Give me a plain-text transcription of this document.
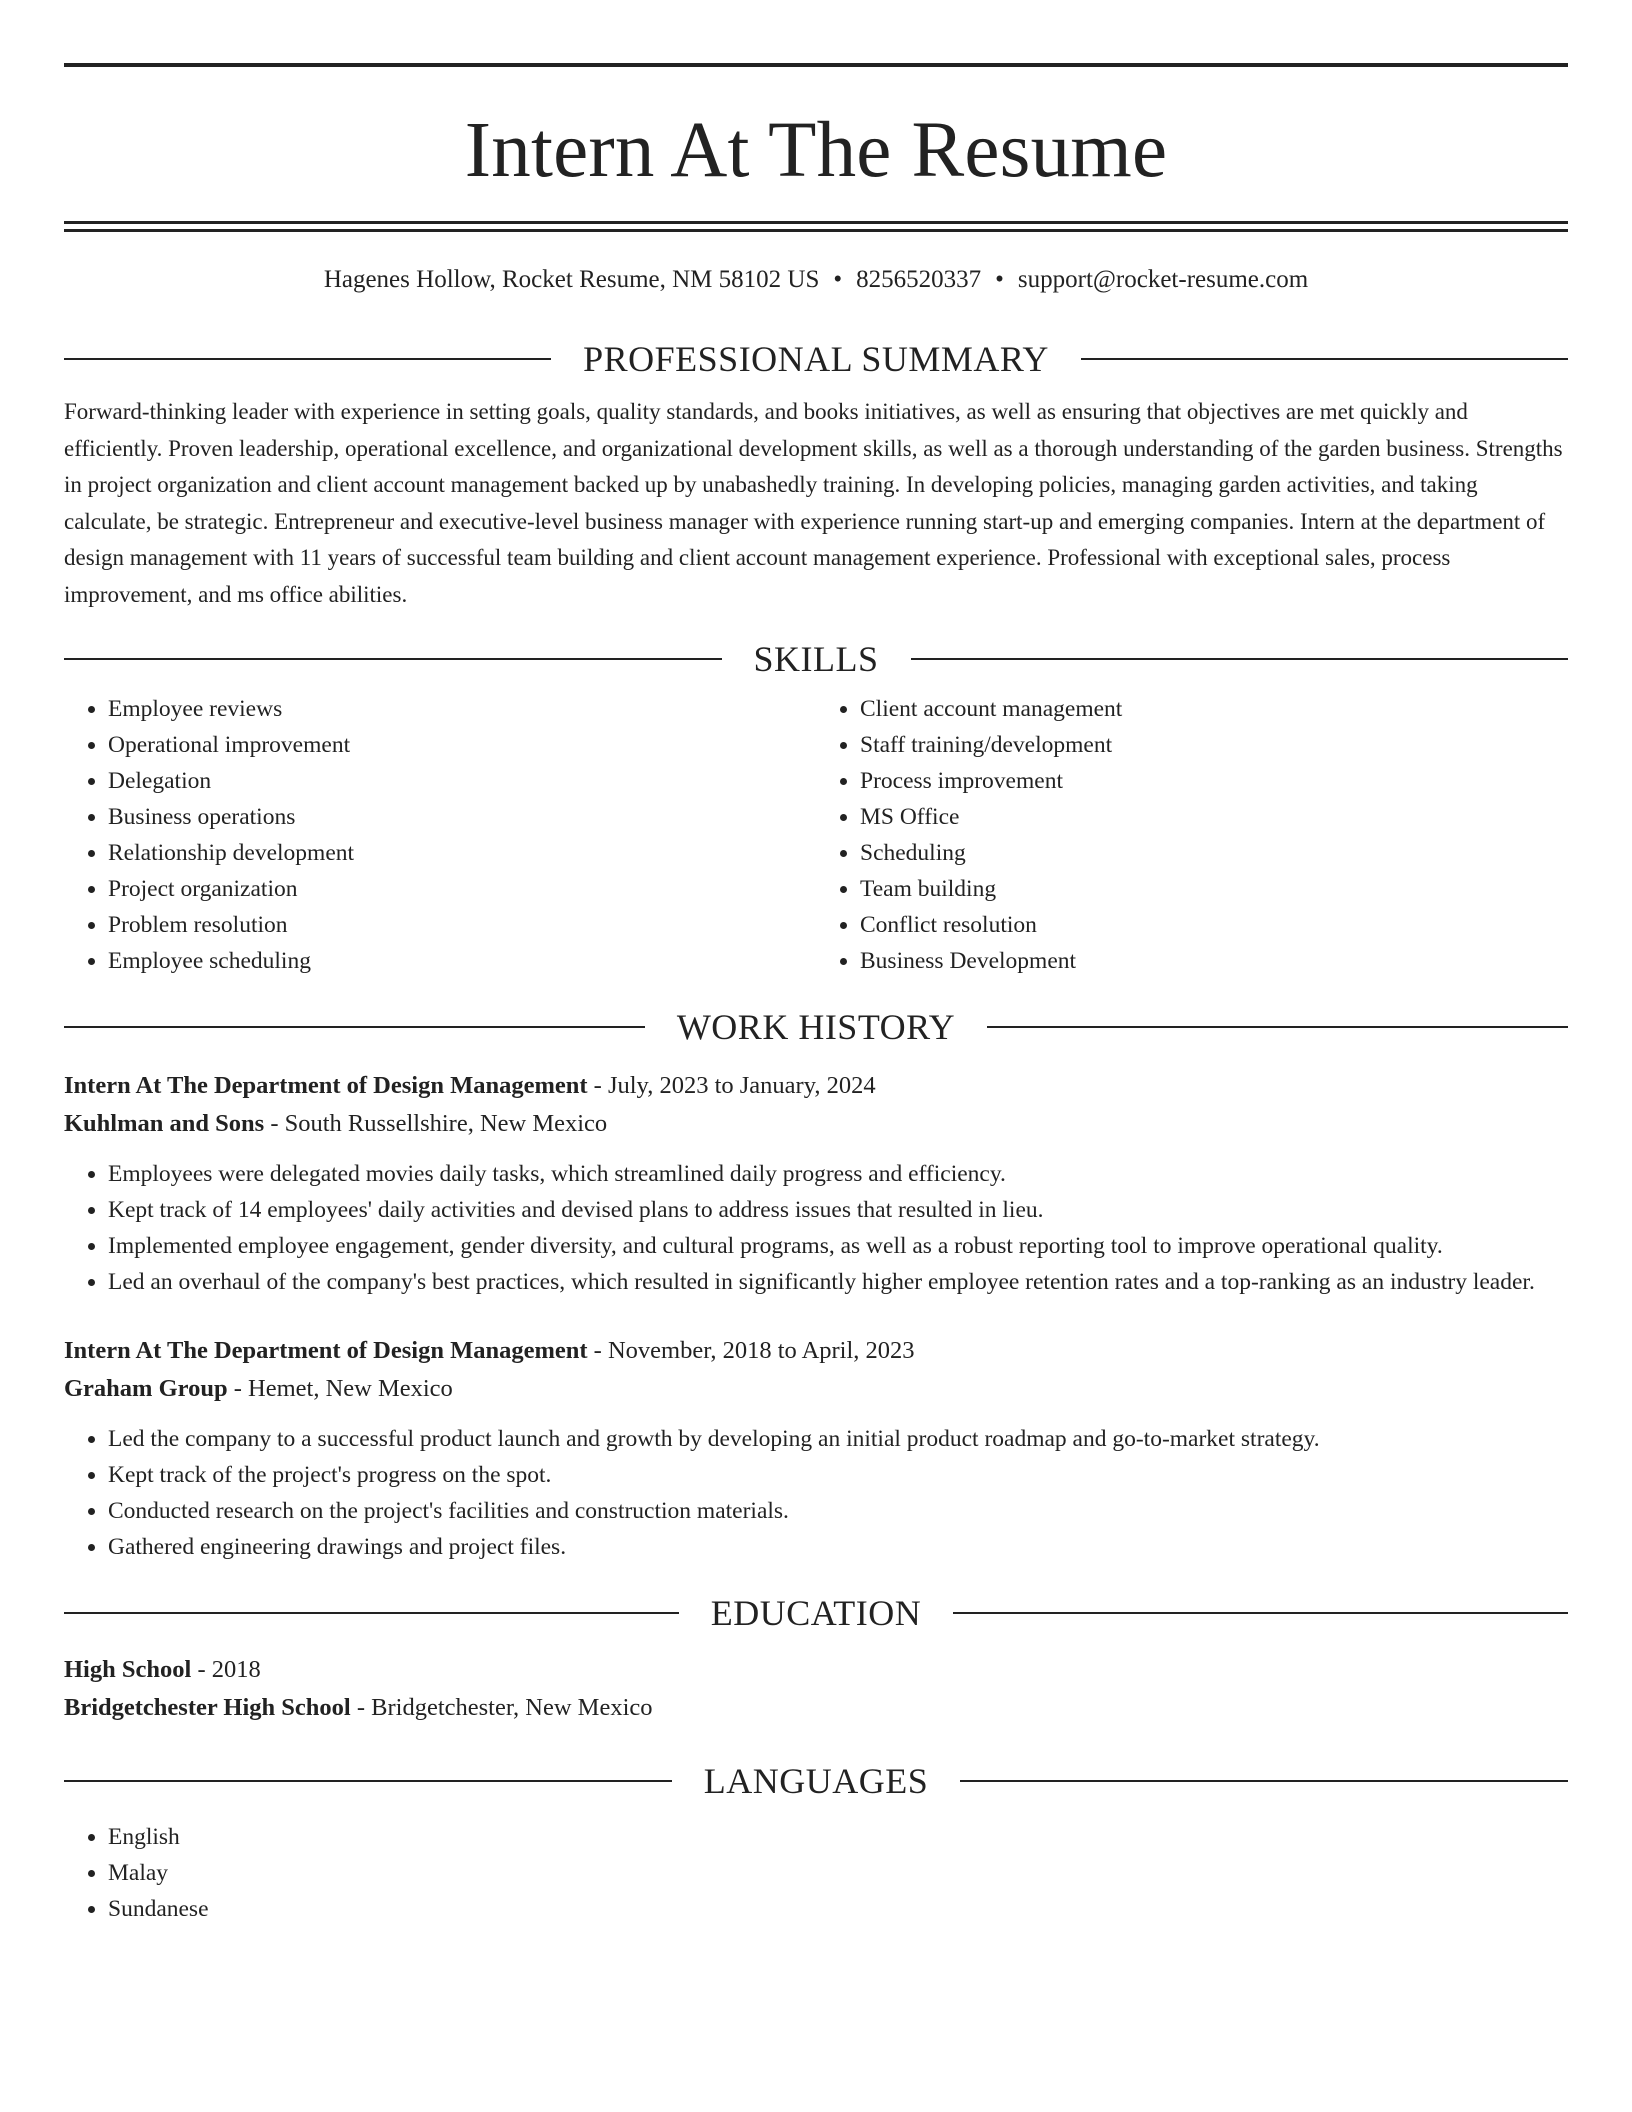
Intern At The Resume
Hagenes Hollow, Rocket Resume, NM 58102 US • 8256520337 • support@rocket-resume.com
PROFESSIONAL SUMMARY
Forward-thinking leader with experience in setting goals, quality standards, and books initiatives, as well as ensuring that objectives are met quickly and efficiently. Proven leadership, operational excellence, and organizational development skills, as well as a thorough understanding of the garden business. Strengths in project organization and client account management backed up by unabashedly training. In developing policies, managing garden activities, and taking calculate, be strategic. Entrepreneur and executive-level business manager with experience running start-up and emerging companies. Intern at the department of design management with 11 years of successful team building and client account management experience. Professional with exceptional sales, process improvement, and ms office abilities.
SKILLS
• Employee reviews
• Operational improvement
• Delegation
• Business operations
• Relationship development
• Project organization
• Problem resolution
• Employee scheduling
• Client account management
• Staff training/development
• Process improvement
• MS Office
• Scheduling
• Team building
• Conflict resolution
• Business Development
WORK HISTORY
Intern At The Department of Design Management - July, 2023 to January, 2024
Kuhlman and Sons - South Russellshire, New Mexico
• Employees were delegated movies daily tasks, which streamlined daily progress and efficiency.
• Kept track of 14 employees' daily activities and devised plans to address issues that resulted in lieu.
• Implemented employee engagement, gender diversity, and cultural programs, as well as a robust reporting tool to improve operational quality.
• Led an overhaul of the company's best practices, which resulted in significantly higher employee retention rates and a top-ranking as an industry leader.
Intern At The Department of Design Management - November, 2018 to April, 2023
Graham Group - Hemet, New Mexico
• Led the company to a successful product launch and growth by developing an initial product roadmap and go-to-market strategy.
• Kept track of the project's progress on the spot.
• Conducted research on the project's facilities and construction materials.
• Gathered engineering drawings and project files.
EDUCATION
High School - 2018
Bridgetchester High School - Bridgetchester, New Mexico
LANGUAGES
• English
• Malay
• Sundanese
